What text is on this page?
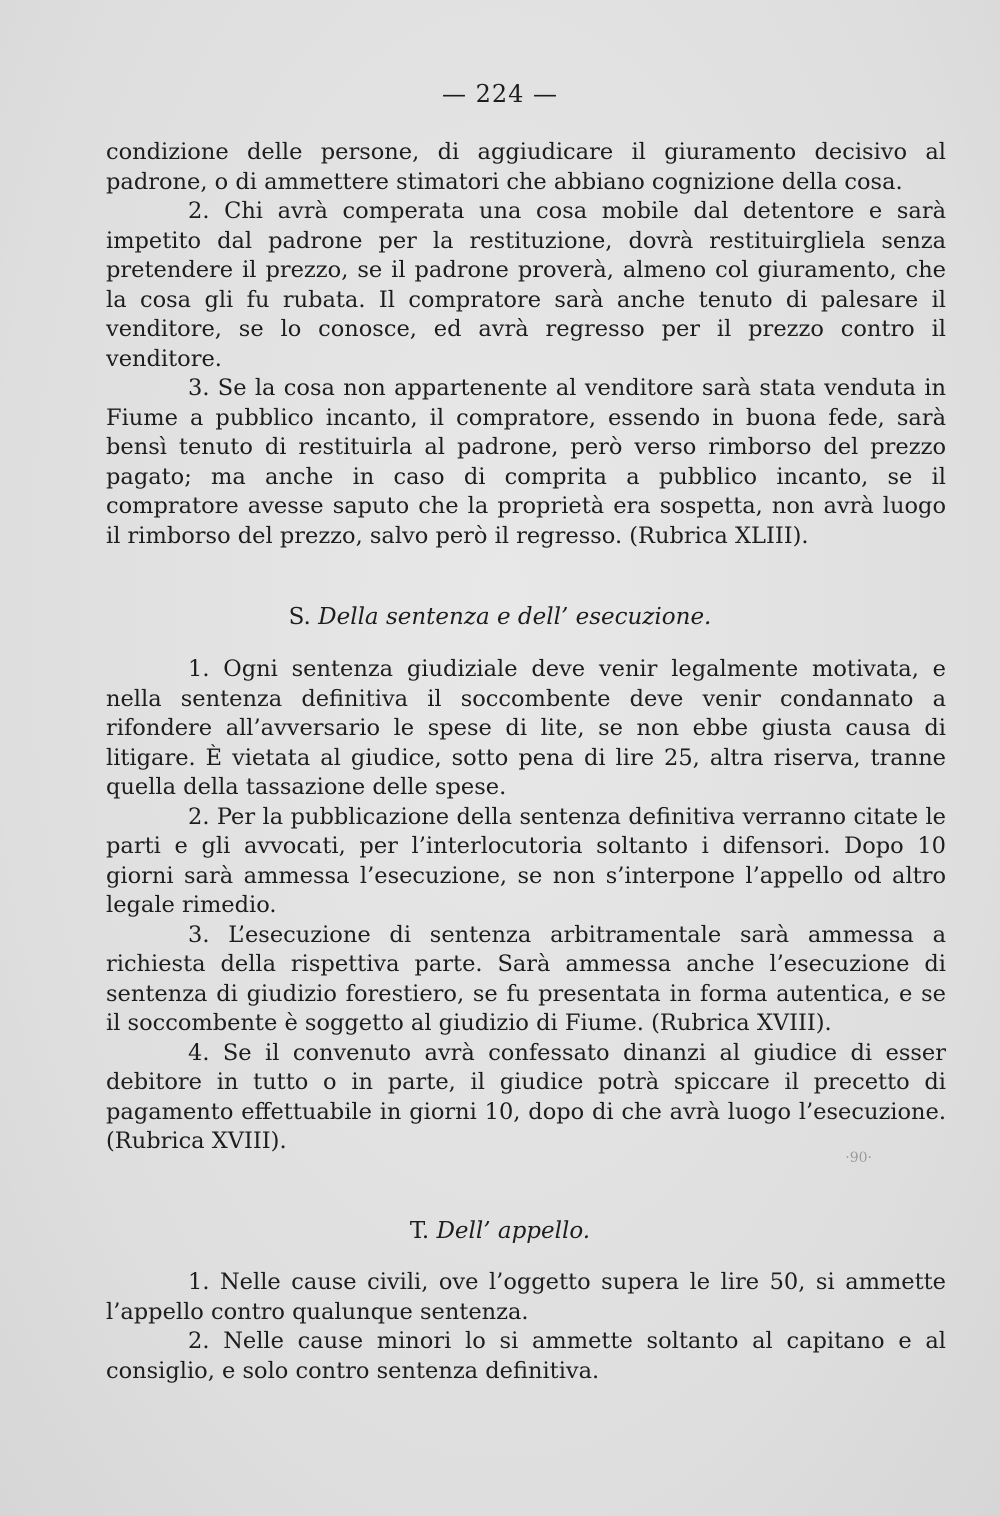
— 224 —

condizione delle persone, di aggiudicare il giuramento decisivo al padrone, o di ammettere stimatori che abbiano cognizione della cosa.

2. Chi avrà comperata una cosa mobile dal detentore e sarà impetito dal padrone per la restituzione, dovrà restituirgliela senza pretendere il prezzo, se il padrone proverà, almeno col giuramento, che la cosa gli fu rubata. Il compratore sarà anche tenuto di palesare il venditore, se lo conosce, ed avrà regresso per il prezzo contro il venditore.

3. Se la cosa non appartenente al venditore sarà stata venduta in Fiume a pubblico incanto, il compratore, essendo in buona fede, sarà bensì tenuto di restituirla al padrone, però verso rimborso del prezzo pagato; ma anche in caso di comprita a pubblico incanto, se il compratore avesse saputo che la proprietà era sospetta, non avrà luogo il rimborso del prezzo, salvo però il regresso. (Rubrica XLIII).

S. Della sentenza e dell’ esecuzione.

1. Ogni sentenza giudiziale deve venir legalmente motivata, e nella sentenza definitiva il soccombente deve venir condannato a rifondere all’avversario le spese di lite, se non ebbe giusta causa di litigare. È vietata al giudice, sotto pena di lire 25, altra riserva, tranne quella della tassazione delle spese.

2. Per la pubblicazione della sentenza definitiva verranno citate le parti e gli avvocati, per l’interlocutoria soltanto i difensori. Dopo 10 giorni sarà ammessa l’esecuzione, se non s’interpone l’appello od altro legale rimedio.

3. L’esecuzione di sentenza arbitramentale sarà ammessa a richiesta della rispettiva parte. Sarà ammessa anche l’esecuzione di sentenza di giudizio forestiero, se fu presentata in forma autentica, e se il soccombente è soggetto al giudizio di Fiume. (Rubrica XVIII).

4. Se il convenuto avrà confessato dinanzi al giudice di esser debitore in tutto o in parte, il giudice potrà spiccare il precetto di pagamento effettuabile in giorni 10, dopo di che avrà luogo l’esecuzione. (Rubrica XVIII).

·90·
T. Dell’ appello.

1. Nelle cause civili, ove l’oggetto supera le lire 50, si ammette l’appello contro qualunque sentenza.

2. Nelle cause minori lo si ammette soltanto al capitano e al consiglio, e solo contro sentenza definitiva.
